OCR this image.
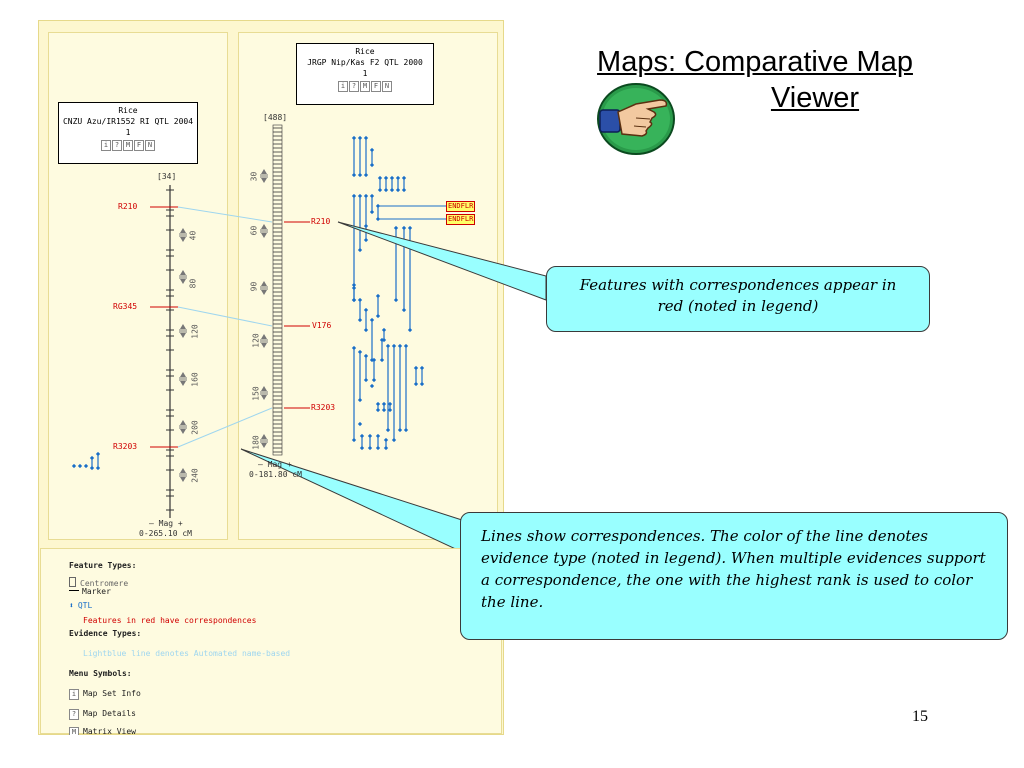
Rice
CNZU Azu/IR1552 RI QTL 2004
1
i ? M F N
Rice
JRGP Nip/Kas F2 QTL 2000
1
i ? M F N
[34]
[488]
40
80
120
160
200
240
30
60
90
120
150
180
R210
RG345
R3203
R210
V176
R3203
ENDFLR
ENDFLR
– Mag +
0-265.10 cM
– Mag +
0-181.80 cM
Feature Types:
Centromere
Marker
⬍ QTL
Features in red have correspondences
Evidence Types:
Lightblue line denotes Automated name-based
Menu Symbols:
i Map Set Info
? Map Details
M Matrix View
Maps: Comparative Map
Viewer
Features with correspondences appear in red (noted in legend)
Lines show correspondences. The color of the line denotes evidence type (noted in legend). When multiple evidences support a correspondence, the one with the highest rank is used to color the line.
15
